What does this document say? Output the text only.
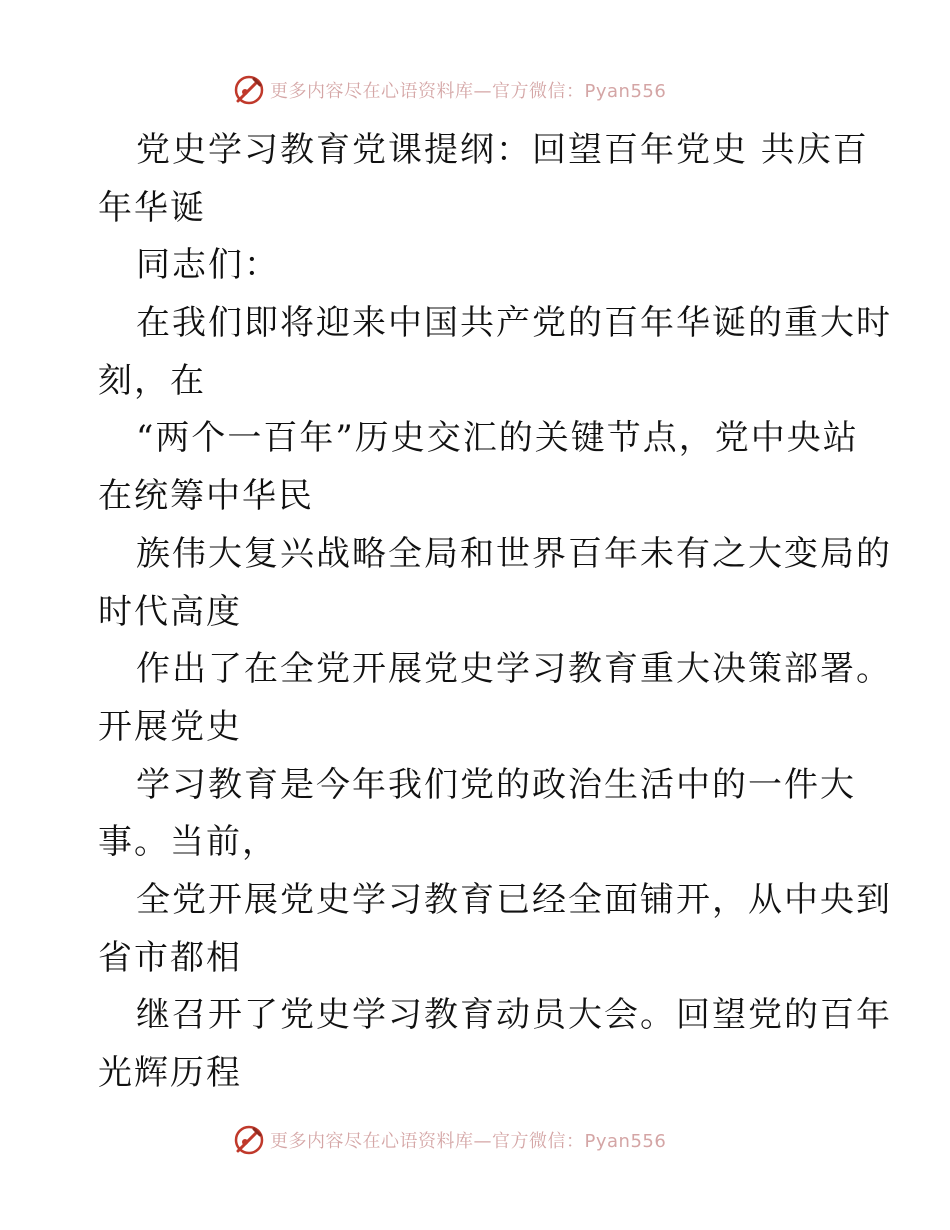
更多内容尽在心语资料库—官方微信：Pyan556
党史学习教育党课提纲：回望百年党史 共庆百
年华诞
同志们：
在我们即将迎来中国共产党的百年华诞的重大时
刻，在
“两个一百年”历史交汇的关键节点，党中央站
在统筹中华民
族伟大复兴战略全局和世界百年未有之大变局的
时代高度
作出了在全党开展党史学习教育重大决策部署。
开展党史
学习教育是今年我们党的政治生活中的一件大
事。当前，
全党开展党史学习教育已经全面铺开，从中央到
省市都相
继召开了党史学习教育动员大会。回望党的百年
光辉历程
更多内容尽在心语资料库—官方微信：Pyan556
